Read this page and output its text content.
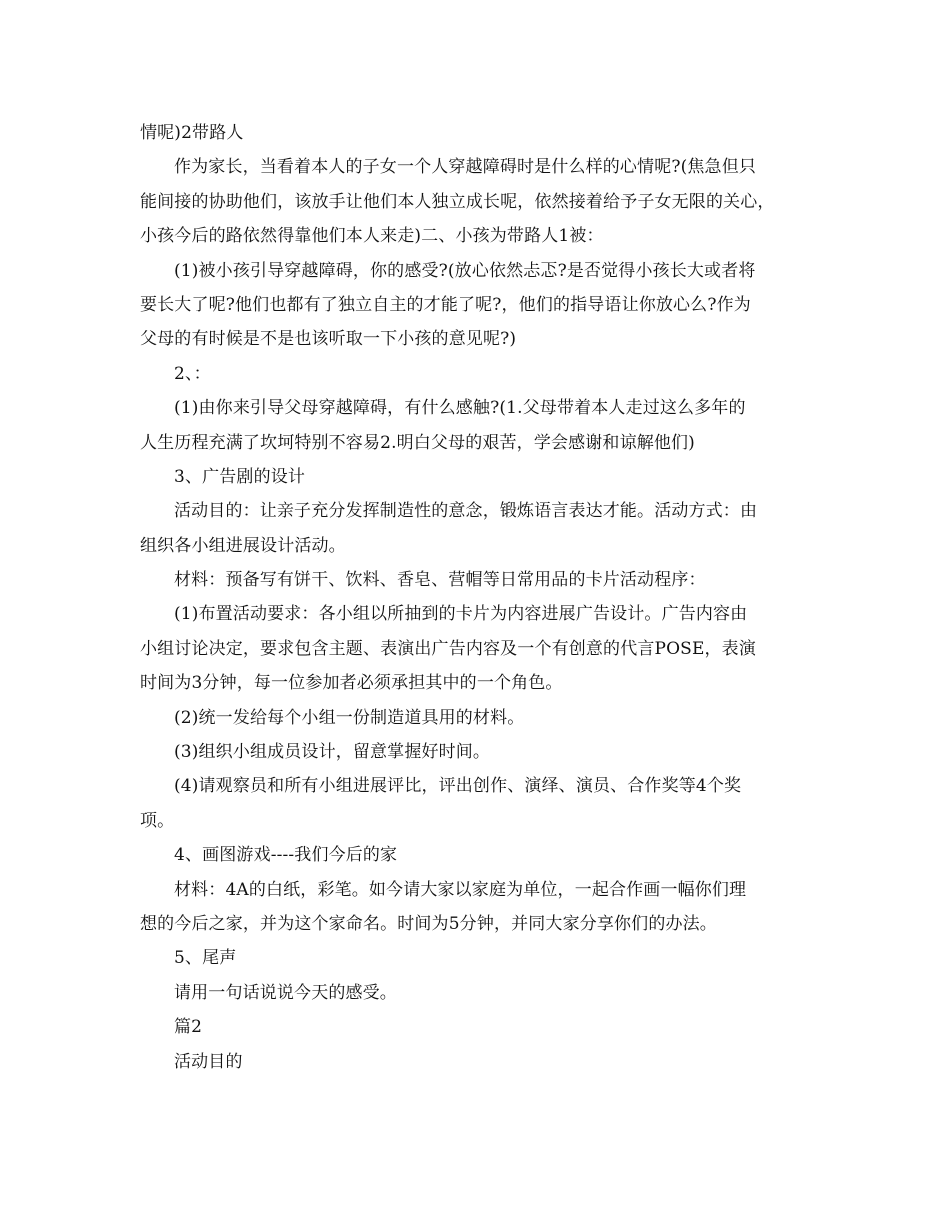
情呢)2带路人
作为家长，当看着本人的子女一个人穿越障碍时是什么样的心情呢?(焦急但只
能间接的协助他们，该放手让他们本人独立成长呢，依然接着给予子女无限的关心，
小孩今后的路依然得靠他们本人来走)二、小孩为带路人1被：
(1)被小孩引导穿越障碍，你的感受?(放心依然忐忑?是否觉得小孩长大或者将
要长大了呢?他们也都有了独立自主的才能了呢?，他们的指导语让你放心么?作为
父母的有时候是不是也该听取一下小孩的意见呢?)
2、：
(1)由你来引导父母穿越障碍，有什么感触?(1.父母带着本人走过这么多年的
人生历程充满了坎坷特别不容易2.明白父母的艰苦，学会感谢和谅解他们)
3、广告剧的设计
活动目的：让亲子充分发挥制造性的意念，锻炼语言表达才能。活动方式：由
组织各小组进展设计活动。
材料：预备写有饼干、饮料、香皂、营帽等日常用品的卡片活动程序：
(1)布置活动要求：各小组以所抽到的卡片为内容进展广告设计。广告内容由
小组讨论决定，要求包含主题、表演出广告内容及一个有创意的代言POSE，表演
时间为3分钟，每一位参加者必须承担其中的一个角色。
(2)统一发给每个小组一份制造道具用的材料。
(3)组织小组成员设计，留意掌握好时间。
(4)请观察员和所有小组进展评比，评出创作、演绎、演员、合作奖等4个奖
项。
4、画图游戏----我们今后的家
材料：4A的白纸，彩笔。如今请大家以家庭为单位，一起合作画一幅你们理
想的今后之家，并为这个家命名。时间为5分钟，并同大家分享你们的办法。
5、尾声
请用一句话说说今天的感受。
篇2
活动目的
